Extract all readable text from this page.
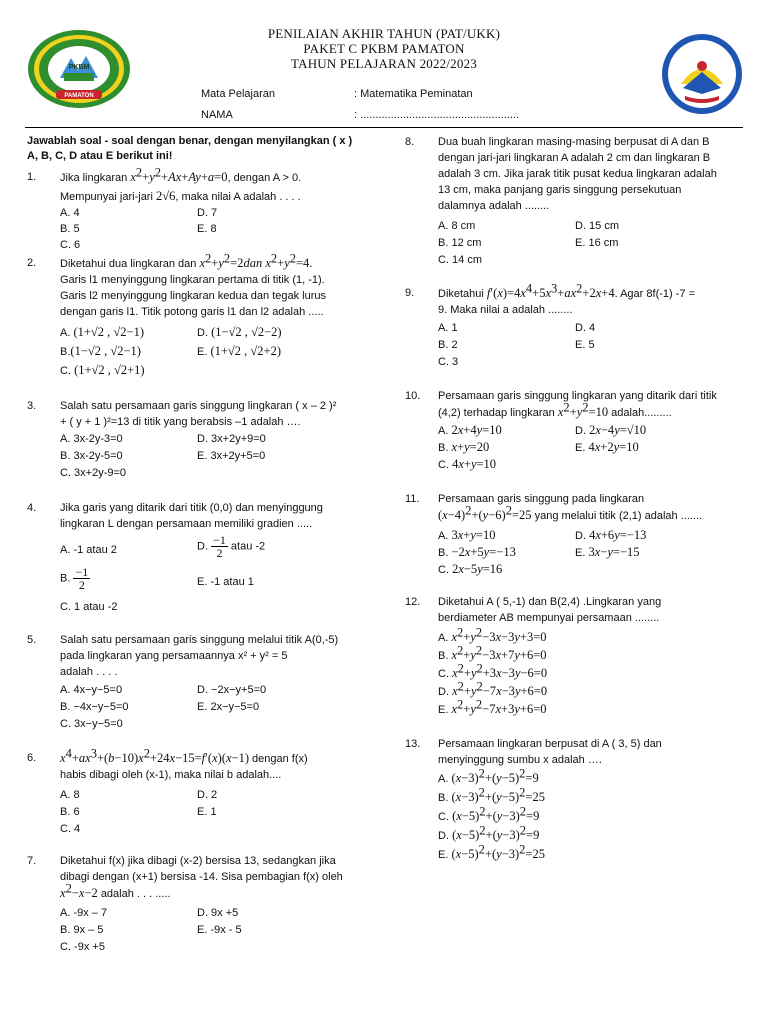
PKBM
PAMATON
PENILAIAN AKHIR TAHUN (PAT/UKK)
PAKET C PKBM PAMATON
TAHUN PELAJARAN 2022/2023
Mata Pelajaran	: Matematika Peminatan
NAMA	: ....................................................
Jawablah soal - soal dengan benar, dengan menyilangkan ( x )
A, B, C, D atau E berikut ini!
1. Jika lingkaran $x^2+y^2+Ax+Ay+a=0$, dengan A > 0.
Mempunyai jari-jari 2√6, maka nilai A adalah . . . .
A. 4
B. 5
C. 6
D. 7
E. 8
2. Diketahui dua lingkaran dan $x^2+y^2=2dan$ $x^2+y^2=4$.
Garis l1 menyinggung lingkaran pertama di titik (1, -1).
Garis l2 menyinggung lingkaran kedua dan tegak lurus
dengan garis l1. Titik potong garis l1 dan l2 adalah .....
A. (1+√2 , √2−1)
B.(1−√2 , √2−1)
C. (1+√2 , √2+1)
D. (1−√2 , √2−2)
E. (1+√2 , √2+2)
3. Salah satu persamaan garis singgung lingkaran ( x – 2 )²
+ ( y + 1 )²=13 di titik yang berabsis –1 adalah ….
A. 3x-2y-3=0
B. 3x-2y-5=0
C. 3x+2y-9=0
D. 3x+2y+9=0
E. 3x+2y+5=0
4. Jika garis yang ditarik dari titik (0,0) dan menyinggung
lingkaran L dengan persamaan memiliki gradien .....
A. -1 atau 2	D. $\frac{-1}{2}$ atau -2
B. $\frac{-1}{2}$	E. -1 atau 1
C. 1 atau -2
5. Salah satu persamaan garis singgung melalui titik A(0,-5)
pada lingkaran yang persamaannya x² + y² = 5
adalah . . . .
A. 4x−y−5=0
B. −4x−y−5=0
C. 3x−y−5=0
D. −2x−y+5=0
E. 2x−y−5=0
6. $x^4+ax^3+(b-10)x^2+24x-15=f'(x)(x-1)$ dengan f(x)
habis dibagi oleh (x-1), maka nilai b adalah....
A. 8
B. 6
C. 4
D. 2
E. 1
7. Diketahui f(x) jika dibagi (x-2) bersisa 13, sedangkan jika
dibagi dengan (x+1) bersisa -14. Sisa pembagian f(x) oleh
$x^2-x-2$ adalah . . . .....
A. -9x – 7
B. 9x – 5
C. -9x +5
D. 9x +5
E. -9x - 5
8. Dua buah lingkaran masing-masing berpusat di A dan B
dengan jari-jari lingkaran A adalah 2 cm dan lingkaran B
adalah 3 cm. Jika jarak titik pusat kedua lingkaran adalah
13 cm, maka panjang garis singgung persekutuan
dalamnya adalah ........
A. 8 cm
B. 12 cm
C. 14 cm
D. 15 cm
E. 16 cm
9. Diketahui $f'(x)=4x^4+5x^3+ax^2+2x+4$. Agar 8f(-1) -7 =
9. Maka nilai a adalah ........
A. 1
B. 2
C. 3
D. 4
E. 5
10. Persamaan garis singgung lingkaran yang ditarik dari titik
(4,2) terhadap lingkaran $x^2+y^2=10$ adalah.........
A. 2x+4y=10
B. x+y=20
C. 4x+y=10
D. 2x−4y=√10
E. 4x+2y=10
11. Persamaan garis singgung pada lingkaran
$(x-4)^2+(y-6)^2=25$ yang melalui titik (2,1) adalah .......
A. 3x+y=10
B. −2x+5y=−13
C. 2x−5y=16
D. 4x+6y=−13
E. 3x−y=−15
12. Diketahui A ( 5,-1) dan B(2,4) .Lingkaran yang
berdiameter AB mempunyai persamaan ........
A. $x^2+y^2-3x-3y+3=0$
B. $x^2+y^2-3x+7y+6=0$
C. $x^2+y^2+3x-3y-6=0$
D. $x^2+y^2-7x-3y+6=0$
E. $x^2+y^2-7x+3y+6=0$
13. Persamaan lingkaran berpusat di A ( 3, 5) dan
menyinggung sumbu x adalah ….
A. $(x-3)^2+(y-5)^2=9$
B. $(x-3)^2+(y-5)^2=25$
C. $(x-5)^2+(y-3)^2=9$
D. $(x-5)^2+(y-3)^2=9$
E. $(x-5)^2+(y-3)^2=25$
